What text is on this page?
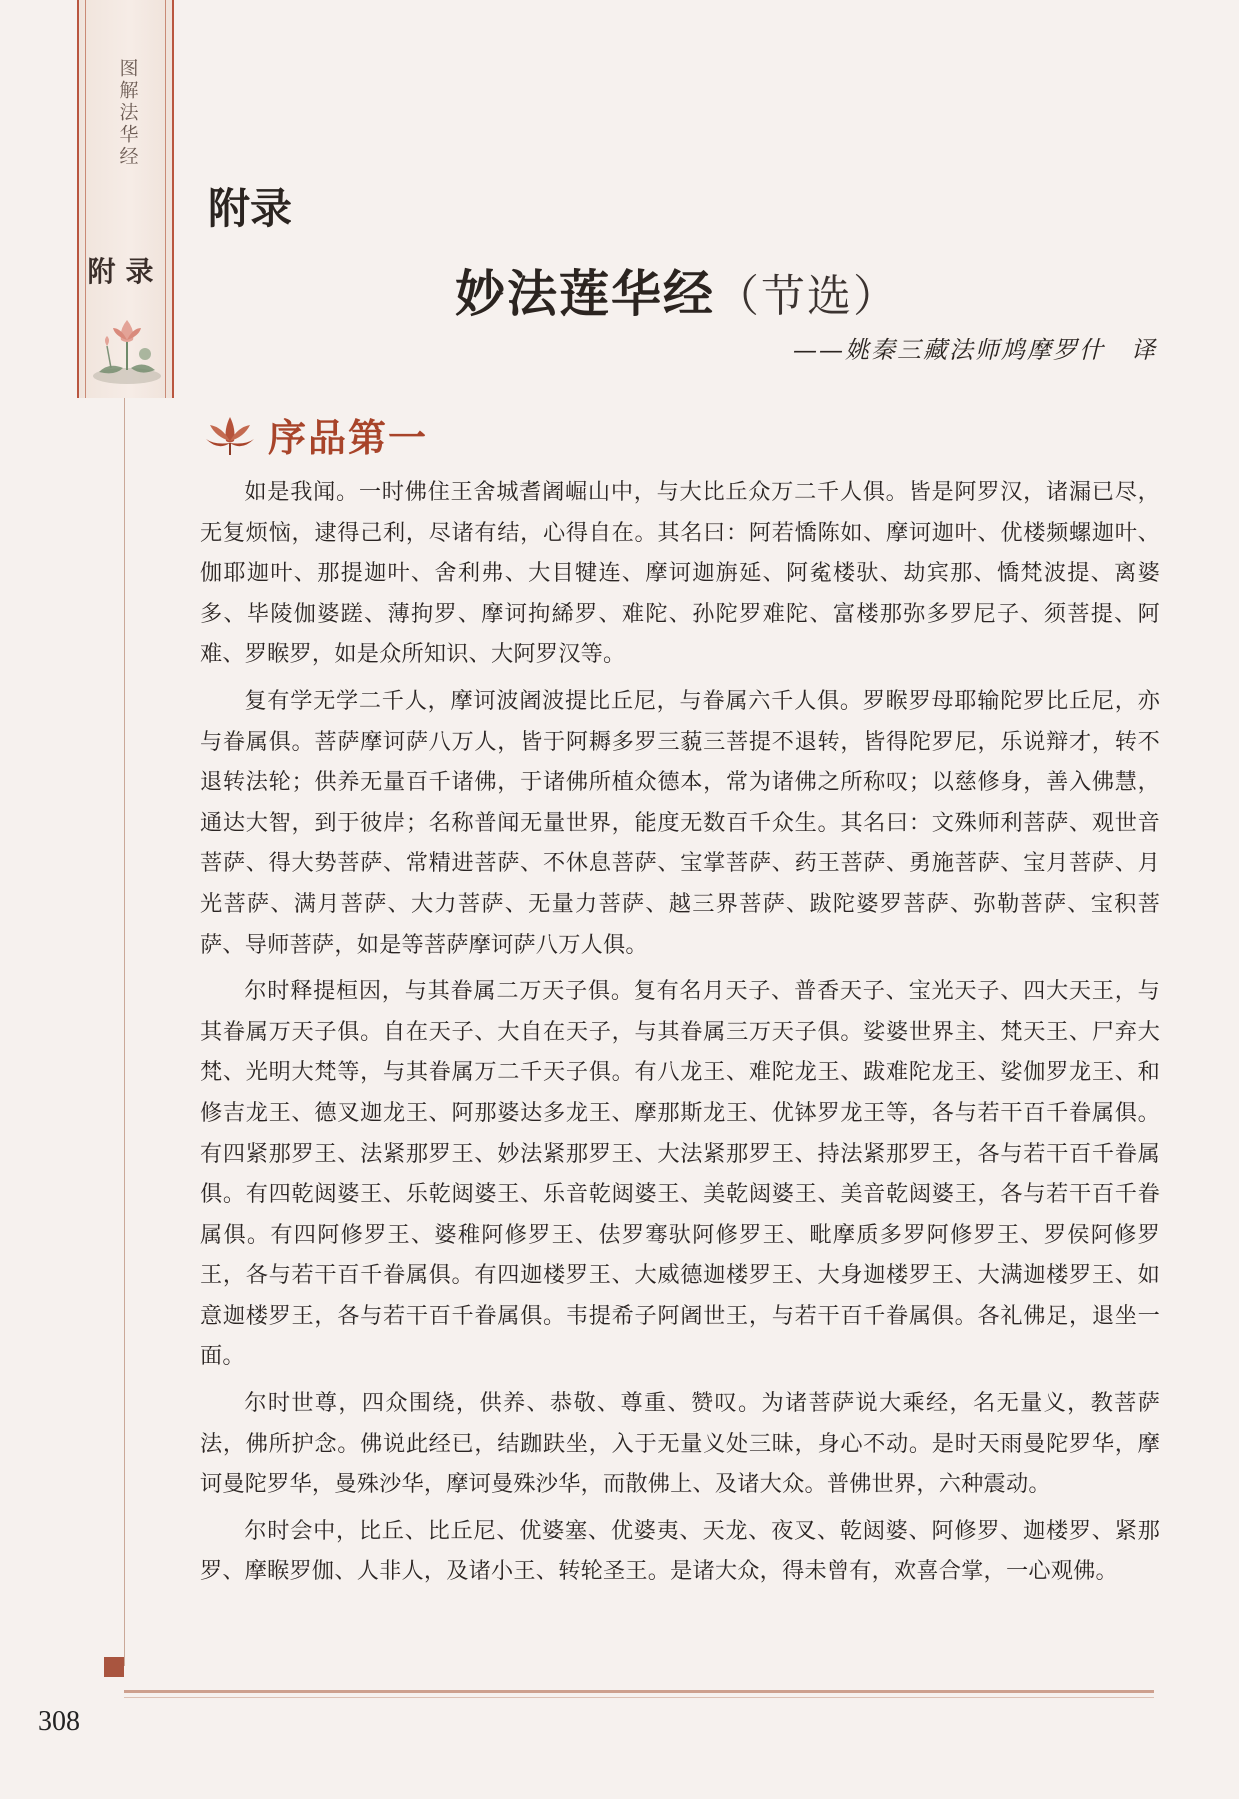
图解法华经
附录
附录
妙法莲华经（节选）
——姚秦三藏法师鸠摩罗什　译
序品第一

如是我闻。一时佛住王舍城耆阇崛山中，与大比丘众万二千人俱。皆是阿罗汉，诸漏已尽，无复烦恼，逮得己利，尽诸有结，心得自在。其名曰：阿若憍陈如、摩诃迦叶、优楼频螺迦叶、伽耶迦叶、那提迦叶、舍利弗、大目犍连、摩诃迦旃延、阿㝹楼驮、劫宾那、憍梵波提、离婆多、毕陵伽婆蹉、薄拘罗、摩诃拘絺罗、难陀、孙陀罗难陀、富楼那弥多罗尼子、须菩提、阿难、罗睺罗，如是众所知识、大阿罗汉等。

复有学无学二千人，摩诃波阇波提比丘尼，与眷属六千人俱。罗睺罗母耶输陀罗比丘尼，亦与眷属俱。菩萨摩诃萨八万人，皆于阿耨多罗三藐三菩提不退转，皆得陀罗尼，乐说辩才，转不退转法轮；供养无量百千诸佛，于诸佛所植众德本，常为诸佛之所称叹；以慈修身，善入佛慧，通达大智，到于彼岸；名称普闻无量世界，能度无数百千众生。其名曰：文殊师利菩萨、观世音菩萨、得大势菩萨、常精进菩萨、不休息菩萨、宝掌菩萨、药王菩萨、勇施菩萨、宝月菩萨、月光菩萨、满月菩萨、大力菩萨、无量力菩萨、越三界菩萨、跋陀婆罗菩萨、弥勒菩萨、宝积菩萨、导师菩萨，如是等菩萨摩诃萨八万人俱。

尔时释提桓因，与其眷属二万天子俱。复有名月天子、普香天子、宝光天子、四大天王，与其眷属万天子俱。自在天子、大自在天子，与其眷属三万天子俱。娑婆世界主、梵天王、尸弃大梵、光明大梵等，与其眷属万二千天子俱。有八龙王、难陀龙王、跋难陀龙王、娑伽罗龙王、和修吉龙王、德叉迦龙王、阿那婆达多龙王、摩那斯龙王、优钵罗龙王等，各与若干百千眷属俱。有四紧那罗王、法紧那罗王、妙法紧那罗王、大法紧那罗王、持法紧那罗王，各与若干百千眷属俱。有四乾闼婆王、乐乾闼婆王、乐音乾闼婆王、美乾闼婆王、美音乾闼婆王，各与若干百千眷属俱。有四阿修罗王、婆稚阿修罗王、佉罗骞驮阿修罗王、毗摩质多罗阿修罗王、罗侯阿修罗王，各与若干百千眷属俱。有四迦楼罗王、大威德迦楼罗王、大身迦楼罗王、大满迦楼罗王、如意迦楼罗王，各与若干百千眷属俱。韦提希子阿阇世王，与若干百千眷属俱。各礼佛足，退坐一面。

尔时世尊，四众围绕，供养、恭敬、尊重、赞叹。为诸菩萨说大乘经，名无量义，教菩萨法，佛所护念。佛说此经已，结跏趺坐，入于无量义处三昧，身心不动。是时天雨曼陀罗华，摩诃曼陀罗华，曼殊沙华，摩诃曼殊沙华，而散佛上、及诸大众。普佛世界，六种震动。

尔时会中，比丘、比丘尼、优婆塞、优婆夷、天龙、夜叉、乾闼婆、阿修罗、迦楼罗、紧那罗、摩睺罗伽、人非人，及诸小王、转轮圣王。是诸大众，得未曾有，欢喜合掌，一心观佛。

308
